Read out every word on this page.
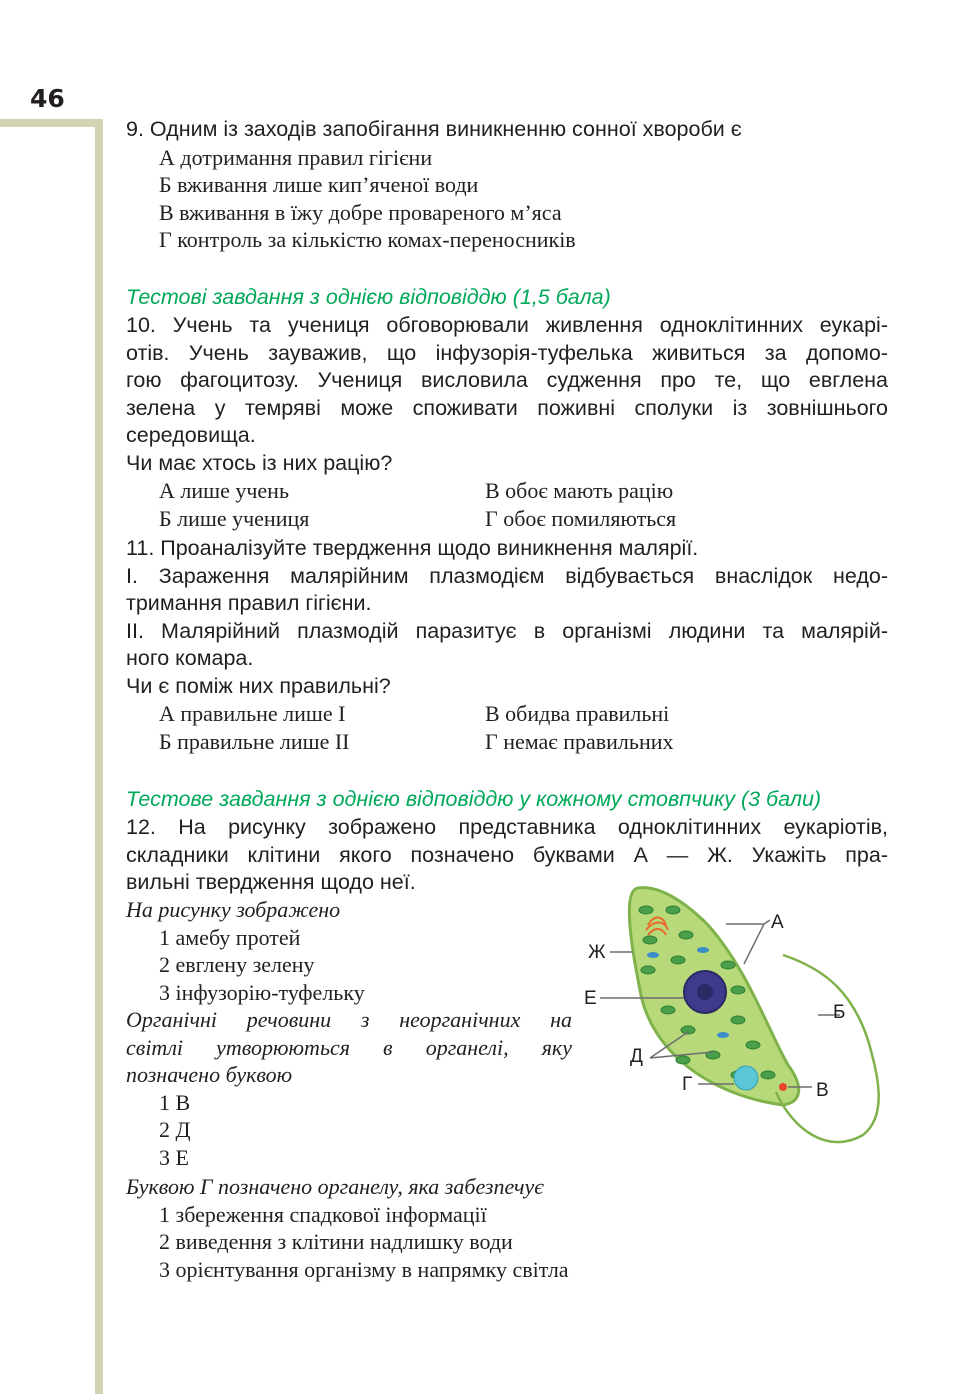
46

9. Одним із заходів запобігання виникненню сонної хвороби є

А дотримання правил гігієни

Б вживання лише кип’яченої води

В вживання в їжу добре провареного м’яса

Г контроль за кількістю комах-переносників

Тестові завдання з однією відповіддю (1,5 бала)

10. Учень та учениця обговорювали живлення одноклітинних еукарі-

отів. Учень зауважив, що інфузорія-туфелька живиться за допомо-

гою фагоцитозу. Учениця висловила судження про те, що евглена

зелена у темряві може споживати поживні сполуки із зовнішнього

середовища.

Чи має хтось із них рацію?

А лише учень	В обоє мають рацію

Б лише учениця	Г обоє помиляються

11. Проаналізуйте твердження щодо виникнення малярії.

І. Зараження малярійним плазмодієм відбувається внаслідок недо-

тримання правил гігієни.

ІІ. Малярійний плазмодій паразитує в організмі людини та малярій-

ного комара.

Чи є поміж них правильні?

А правильне лише І	В обидва правильні

Б правильне лише ІІ	Г немає правильних

Тестове завдання з однією відповіддю у кожному стовпчику (3 бали)

12. На рисунку зображено представника одноклітинних еукаріотів,

складники клітини якого позначено буквами А — Ж. Укажіть пра-

вильні твердження щодо неї.

На рисунку зображено

1 амебу протей

2 евглену зелену

3 інфузорію-туфельку

Органічні речовини з неорганічних на

світлі утворюються в органелі, яку

позначено буквою

1 В

2 Д

3 Е

Буквою Г позначено органелу, яка забезпечує

1 збереження спадкової інформації

2 виведення з клітини надлишку води

3 орієнтування організму в напрямку світла

А
Ж
Е
Б
Д
Г	В
